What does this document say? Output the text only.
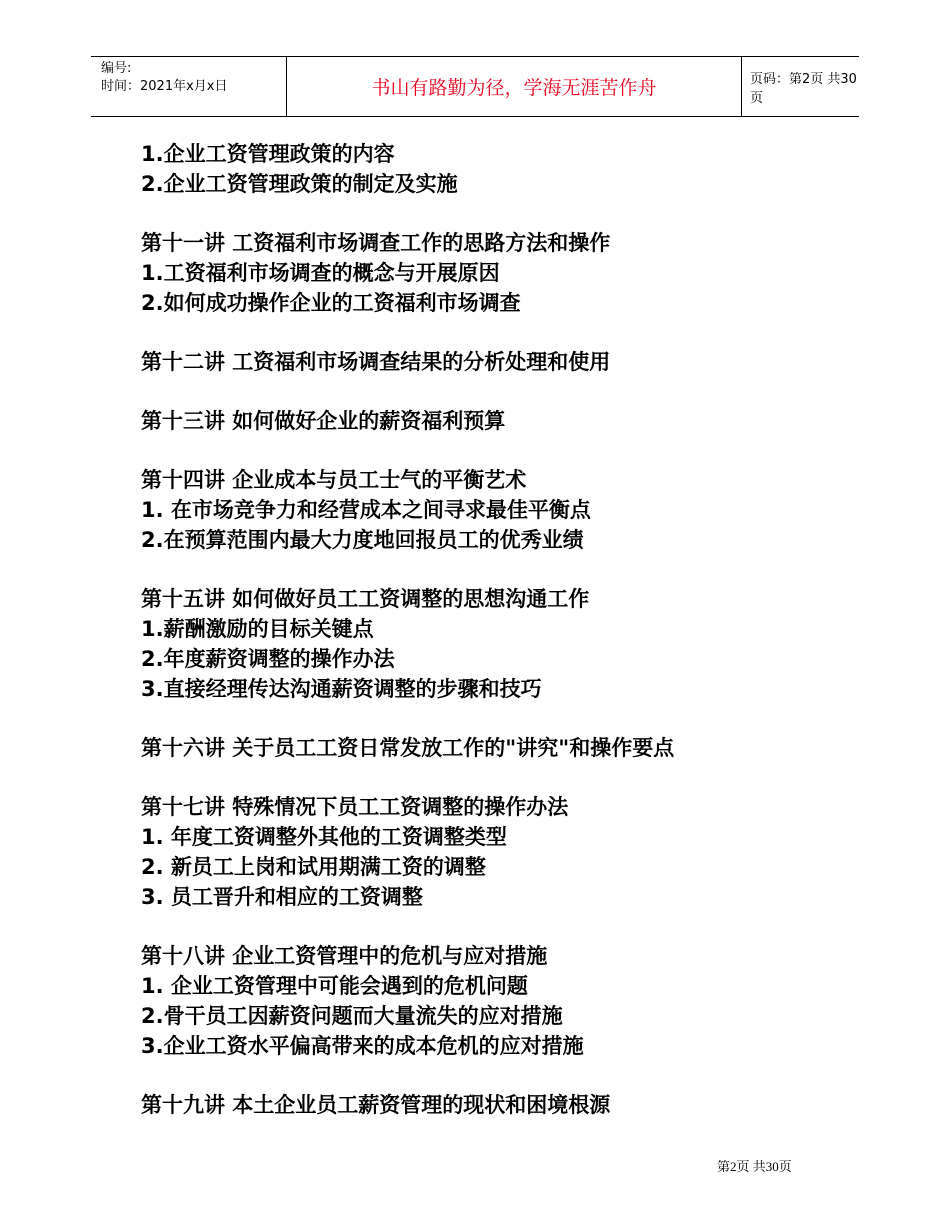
编号:
时间：2021年x月x日	书山有路勤为径，学海无涯苦作舟	页码：第2页 共30页
1.企业工资管理政策的内容
2.企业工资管理政策的制定及实施
第十一讲 工资福利市场调查工作的思路方法和操作
1.工资福利市场调查的概念与开展原因
2.如何成功操作企业的工资福利市场调查
第十二讲 工资福利市场调查结果的分析处理和使用
第十三讲 如何做好企业的薪资福利预算
第十四讲 企业成本与员工士气的平衡艺术
1. 在市场竞争力和经营成本之间寻求最佳平衡点
2.在预算范围内最大力度地回报员工的优秀业绩
第十五讲 如何做好员工工资调整的思想沟通工作
1.薪酬激励的目标关键点
2.年度薪资调整的操作办法
3.直接经理传达沟通薪资调整的步骤和技巧
第十六讲 关于员工工资日常发放工作的"讲究"和操作要点
第十七讲 特殊情况下员工工资调整的操作办法
1. 年度工资调整外其他的工资调整类型
2. 新员工上岗和试用期满工资的调整
3. 员工晋升和相应的工资调整
第十八讲 企业工资管理中的危机与应对措施
1. 企业工资管理中可能会遇到的危机问题
2.骨干员工因薪资问题而大量流失的应对措施
3.企业工资水平偏高带来的成本危机的应对措施
第十九讲 本土企业员工薪资管理的现状和困境根源
第2页 共30页
